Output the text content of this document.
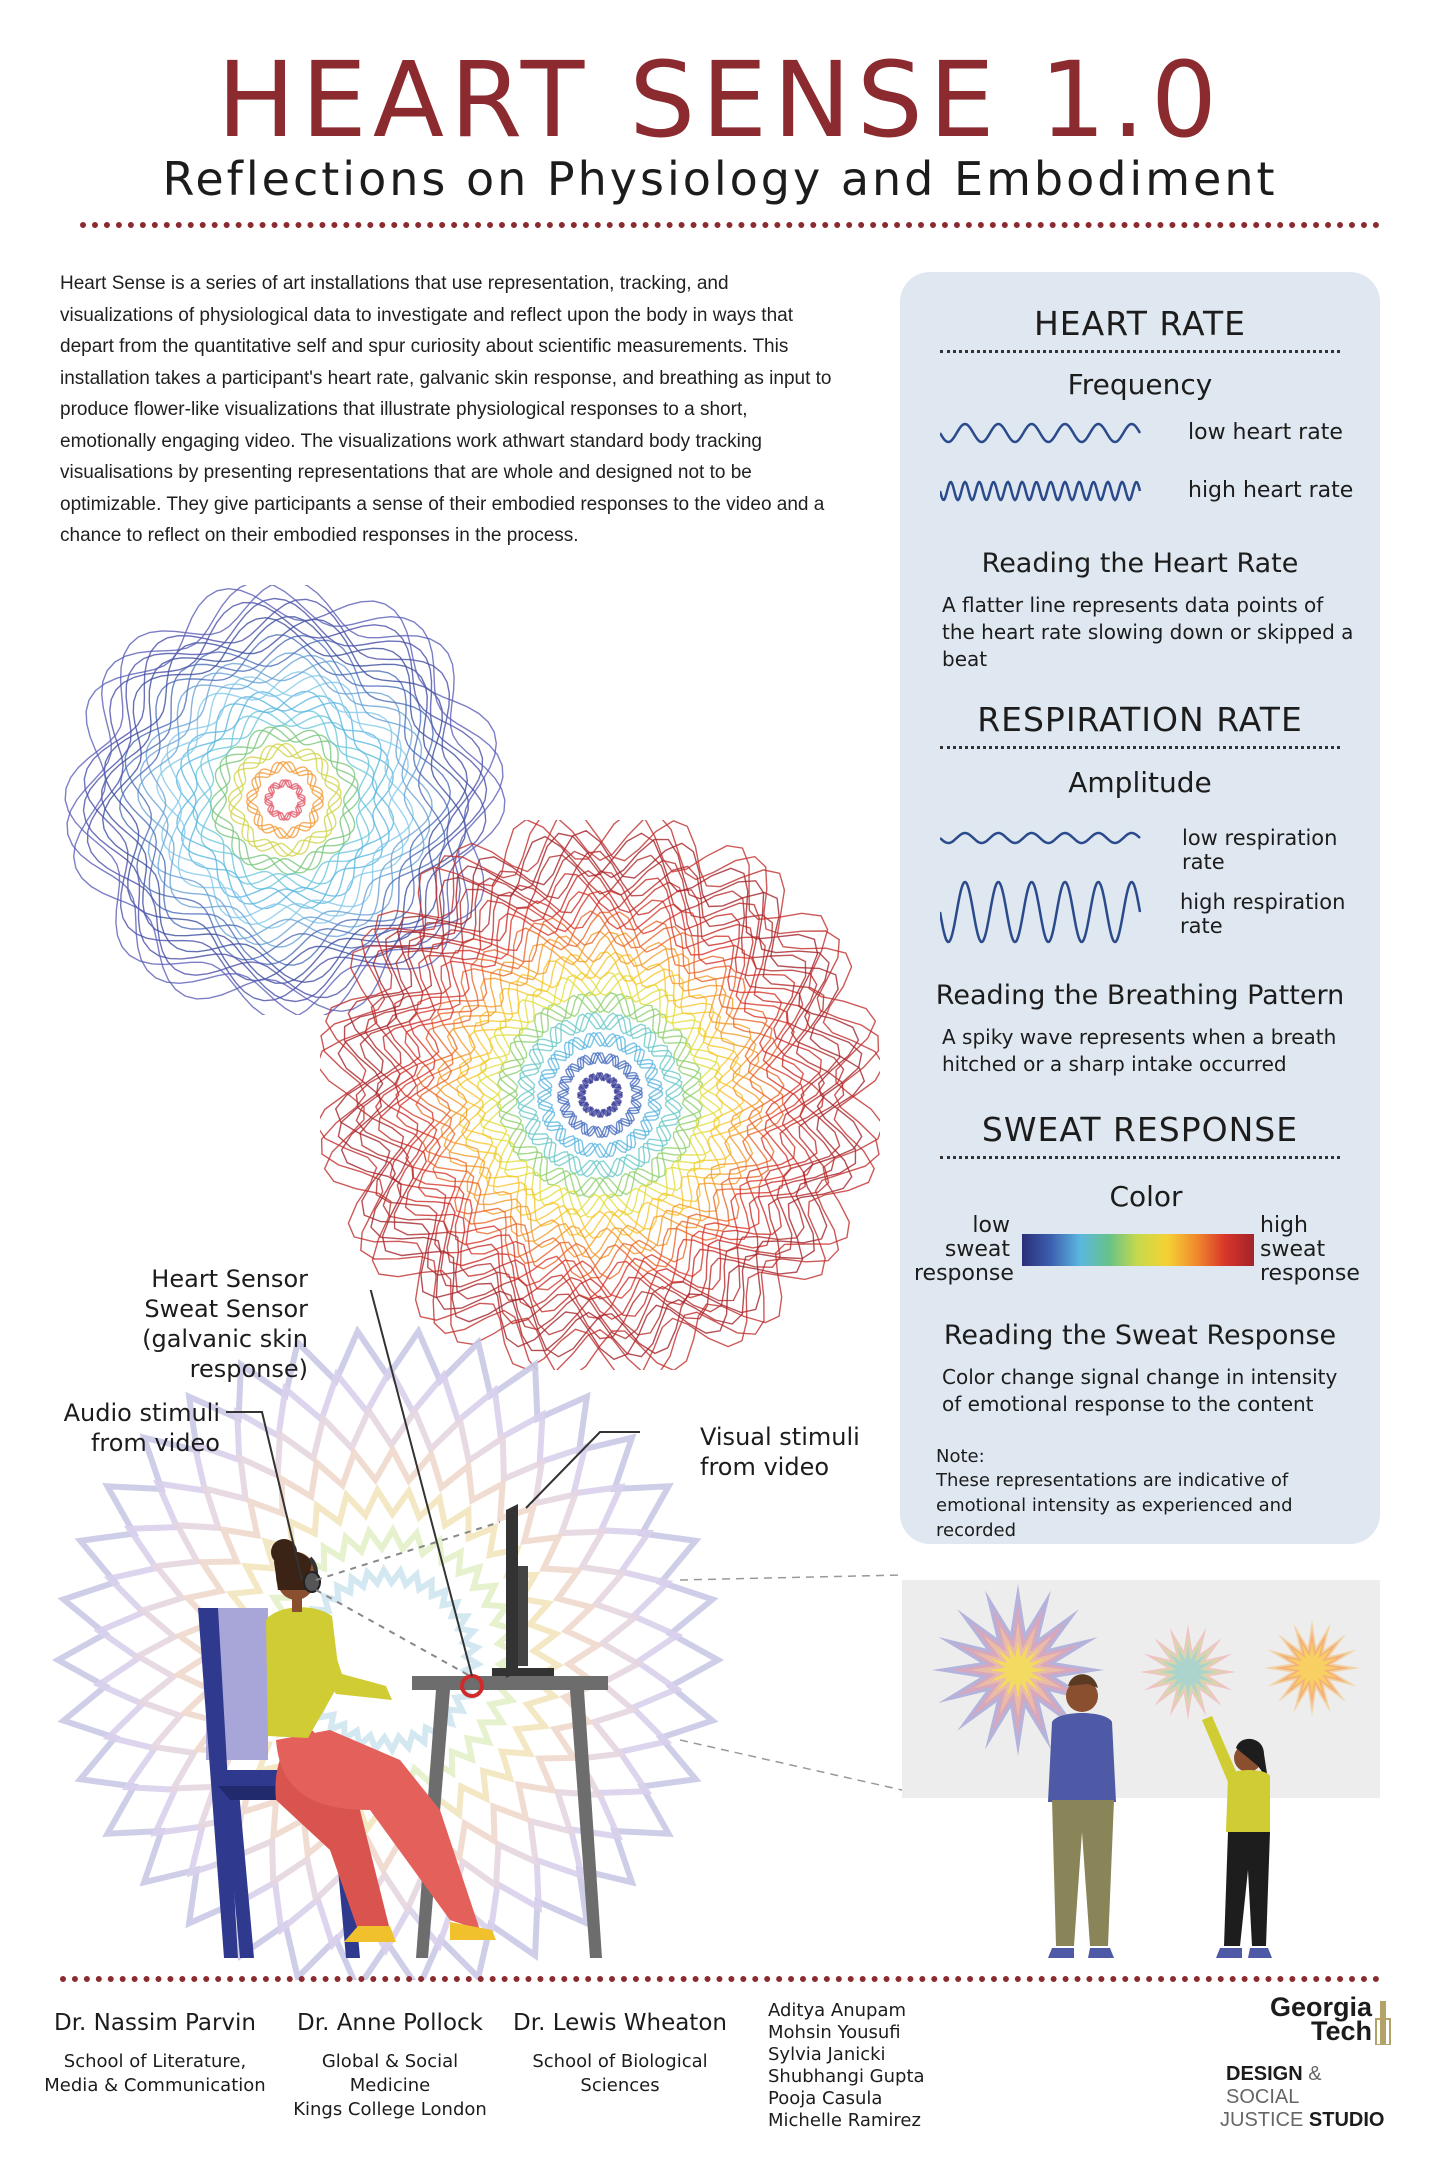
HEART SENSE 1.0
Reflections on Physiology and Embodiment
Heart Sense is a series of art installations that use representation, tracking, and visualizations of physiological data to investigate and reflect upon the body in ways that depart from the quantitative self and spur curiosity about scientific measurements. This installation takes a participant's heart rate, galvanic skin response, and breathing as input to produce flower-like visualizations that illustrate physiological responses to a short, emotionally engaging video. The visualizations work athwart standard body tracking visualisations by presenting representations that are whole and designed not to be optimizable. They give participants a sense of their embodied responses to the video and a chance to reflect on their embodied responses in the process.
HEART RATE
Frequency
low heart rate
high heart rate
Reading the Heart Rate
A flatter line represents data points of the heart rate slowing down or skipped a beat
RESPIRATION RATE
Amplitude
low respiration rate
high respiration rate
Reading the Breathing Pattern
A spiky wave represents when a breath hitched or a sharp intake occurred
SWEAT RESPONSE
Color
low
sweat
response
high
sweat
response
Reading the Sweat Response
Color change signal change in intensity of emotional response to the content
Note:
These representations are indicative of emotional intensity as experienced and recorded
Heart Sensor
Sweat Sensor
(galvanic skin response)
Audio stimuli
from video	Visual stimuli
from video
Dr. Nassim Parvin
School of Literature,
Media & Communication
Dr. Anne Pollock
Global & Social Medicine
Kings College London
Dr. Lewis Wheaton
School of Biological
Sciences
Aditya Anupam
Mohsin Yousufi
Sylvia Janicki
Shubhangi Gupta
Pooja Casula
Michelle Ramirez
Georgia
Tech
DESIGN & SOCIAL
JUSTICE STUDIO
